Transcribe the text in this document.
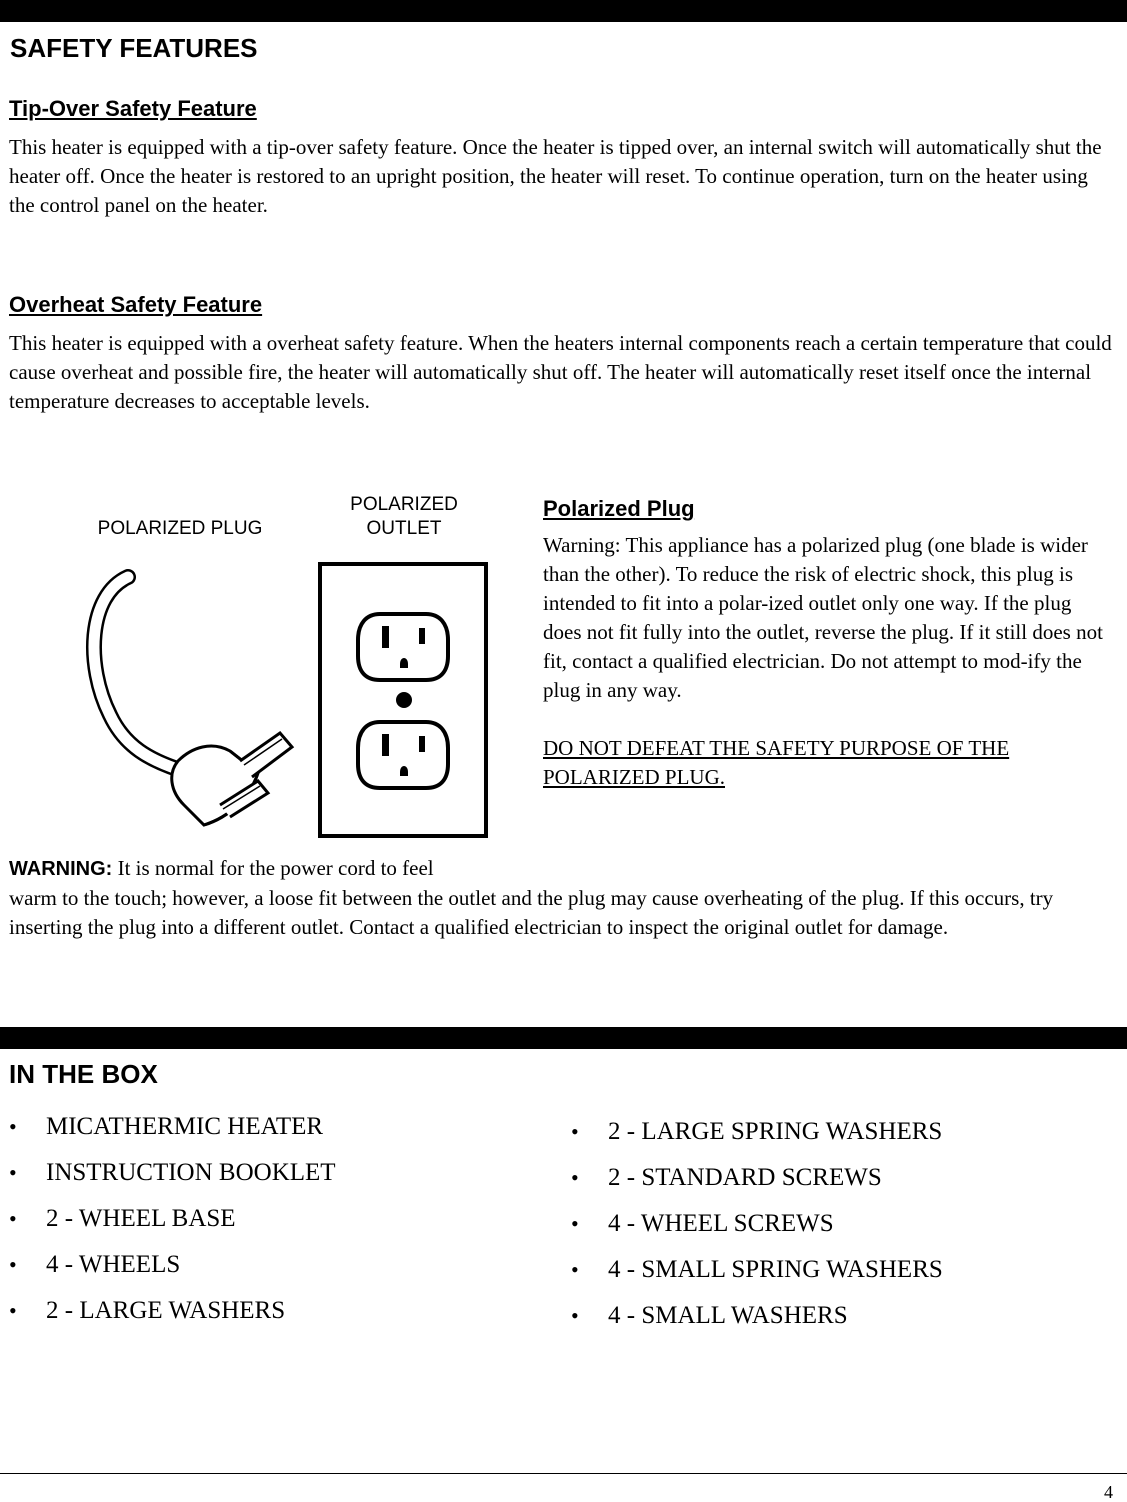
SAFETY FEATURES
Tip-Over Safety Feature

This heater is equipped with a tip-over safety feature. Once the heater is tipped over, an internal switch will automatically shut the heater off. Once the heater is restored to an upright position, the heater will reset. To continue operation, turn on the heater using the control panel on the heater.

Overheat Safety Feature

This heater is equipped with a overheat safety feature. When the heaters internal components reach a certain temperature that could cause overheat and possible fire, the heater will automatically shut off. The heater will automatically reset itself once the internal temperature decreases to acceptable levels.

POLARIZED PLUG

POLARIZED
OUTLET
Polarized Plug

Warning: This appliance has a polarized plug (one blade is wider than the other). To reduce the risk of electric shock, this plug is intended to fit into a polar-ized outlet only one way. If the plug does not fit fully into the outlet, reverse the plug. If it still does not fit, contact a qualified electrician. Do not attempt to mod-ify the plug in any way.

DO NOT DEFEAT THE SAFETY PURPOSE OF THE POLARIZED PLUG.

WARNING: It is normal for the power cord to feel
warm to the touch; however, a loose fit between the outlet and the plug may cause overheating of the plug. If this occurs, try inserting the plug into a different outlet. Contact a qualified electrician to inspect the original outlet for damage.
IN THE BOX
• MICATHERMIC HEATER
• INSTRUCTION BOOKLET
• 2 - WHEEL BASE
• 4 - WHEELS
• 2 - LARGE WASHERS
• 2 - LARGE SPRING WASHERS
• 2 - STANDARD SCREWS
• 4 - WHEEL SCREWS
• 4 - SMALL SPRING WASHERS
• 4 - SMALL WASHERS
4
